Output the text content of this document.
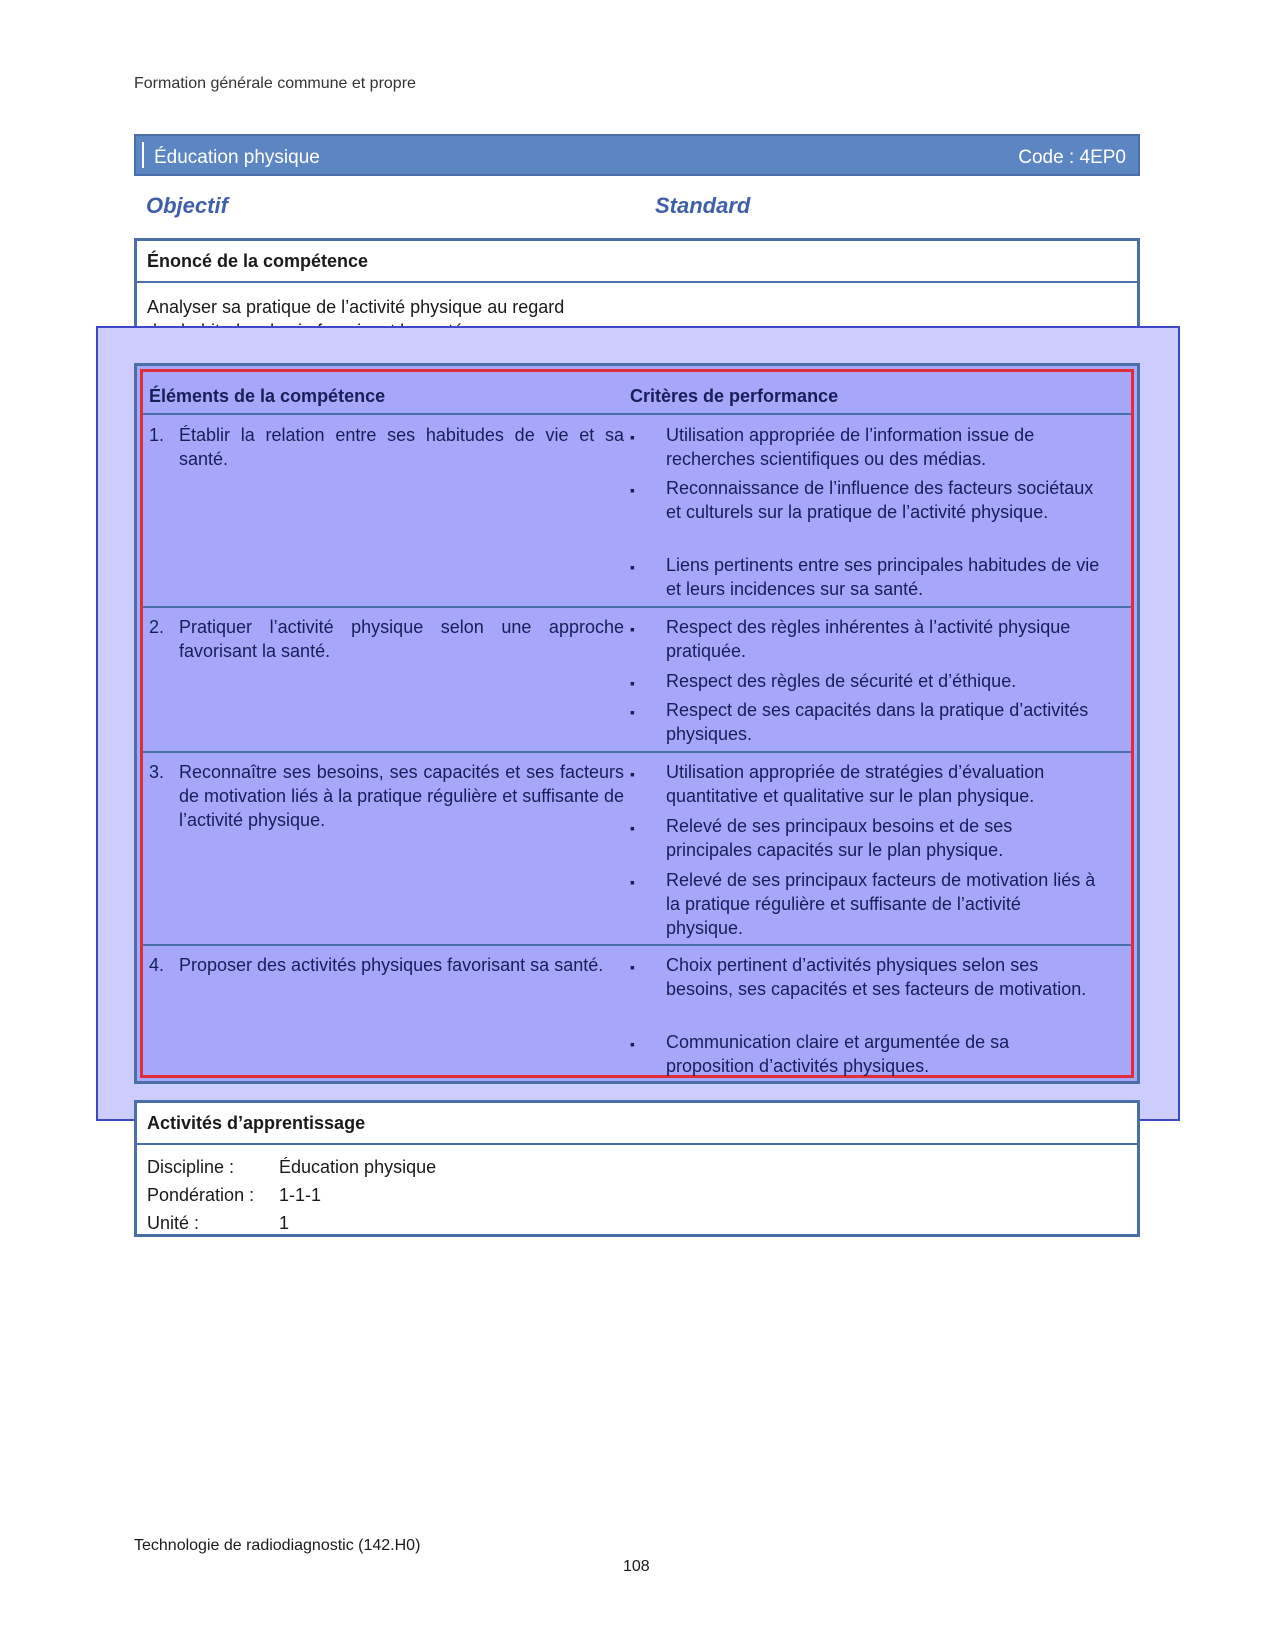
Formation générale commune et propre
Éducation physique	Code : 4EP0
Objectif	Standard
Énoncé de la compétence
Analyser sa pratique de l’activité physique au regard
Éléments de la compétence	Critères de performance
1. Établir la relation entre ses habitudes de vie et sa santé.
▪ Utilisation appropriée de l’information issue de recherches scientifiques ou des médias.
▪ Reconnaissance de l’influence des facteurs sociétaux et culturels sur la pratique de l’activité physique.
▪ Liens pertinents entre ses principales habitudes de vie et leurs incidences sur sa santé.
2. Pratiquer l’activité physique selon une approche favorisant la santé.
▪ Respect des règles inhérentes à l’activité physique pratiquée.
▪ Respect des règles de sécurité et d’éthique.
▪ Respect de ses capacités dans la pratique d’activités physiques.
3. Reconnaître ses besoins, ses capacités et ses facteurs de motivation liés à la pratique régulière et suffisante de l’activité physique.
▪ Utilisation appropriée de stratégies d’évaluation quantitative et qualitative sur le plan physique.
▪ Relevé de ses principaux besoins et de ses principales capacités sur le plan physique.
▪ Relevé de ses principaux facteurs de motivation liés à la pratique régulière et suffisante de l’activité physique.
4. Proposer des activités physiques favorisant sa santé.	▪ Choix pertinent d’activités physiques selon ses besoins, ses capacités et ses facteurs de motivation.
▪ Communication claire et argumentée de sa proposition d’activités physiques.
Activités d’apprentissage
Discipline : Éducation physique
Pondération : 1-1-1
Unité :	1
Technologie de radiodiagnostic (142.H0)
108
